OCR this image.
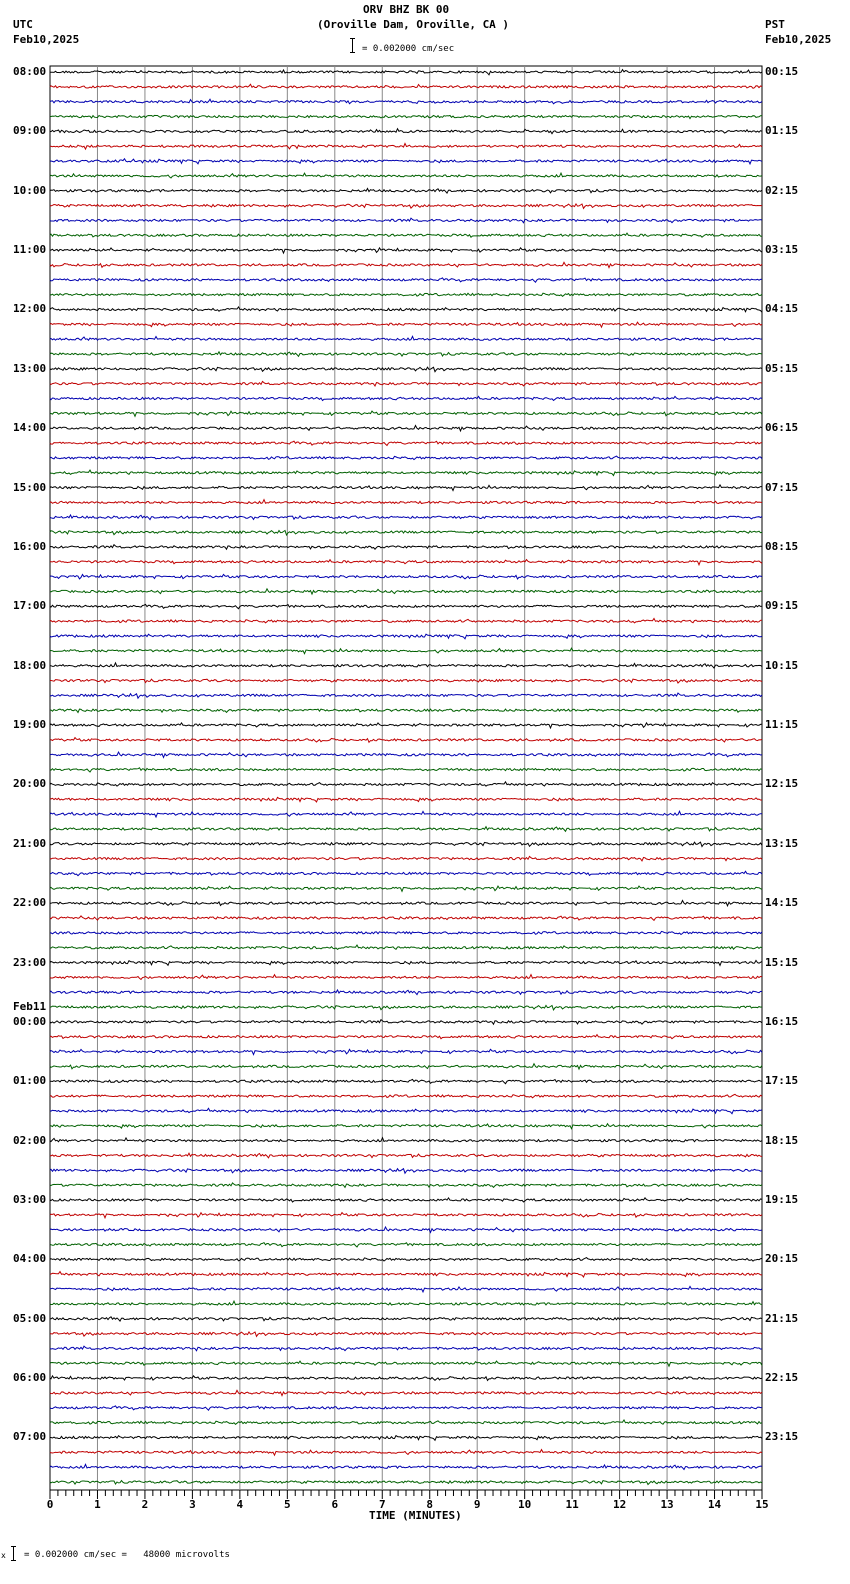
ORV BHZ BK 00
(Oroville Dam, Oroville, CA )
= 0.002000 cm/sec
UTC
Feb10,2025
PST
Feb10,2025
0	1	2	3	4	5	6	7	8	9	10	11	12	13	14	15
08:00
09:00
10:00
11:00
12:00
13:00
14:00
15:00
16:00
17:00
18:00
19:00
20:00
21:00
22:00
23:00
00:00
01:00
02:00
03:00
04:00
05:00
06:00
07:00
Feb11
00:15
01:15
02:15
03:15
04:15
05:15
06:15
07:15
08:15
09:15
10:15
11:15
12:15
13:15
14:15
15:15
16:15
17:15
18:15
19:15
20:15
21:15
22:15
23:15
TIME (MINUTES)
x = 0.002000 cm/sec =   48000 microvolts
